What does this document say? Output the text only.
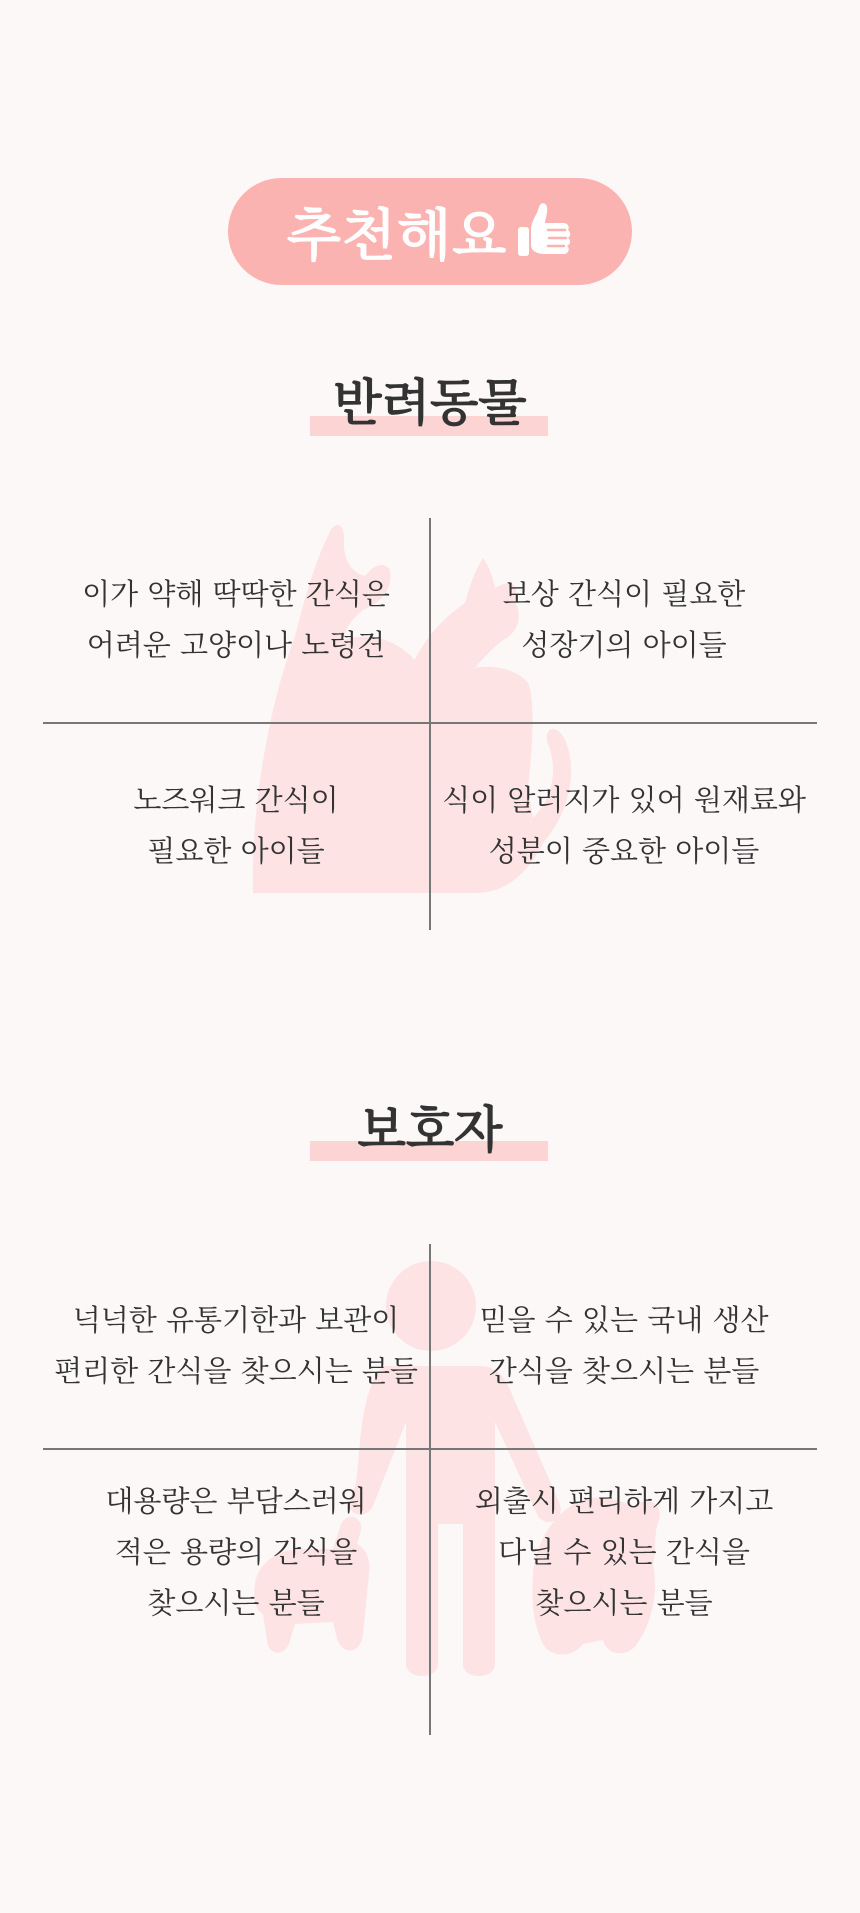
추천해요
반려동물
이가 약해 딱딱한 간식은
어려운 고양이나 노령견
보상 간식이 필요한
성장기의 아이들
노즈워크 간식이
필요한 아이들
식이 알러지가 있어 원재료와
성분이 중요한 아이들
보호자
넉넉한 유통기한과 보관이
편리한 간식을 찾으시는 분들
믿을 수 있는 국내 생산
간식을 찾으시는 분들
대용량은 부담스러워
적은 용량의 간식을
찾으시는 분들
외출시 편리하게 가지고
다닐 수 있는 간식을
찾으시는 분들
